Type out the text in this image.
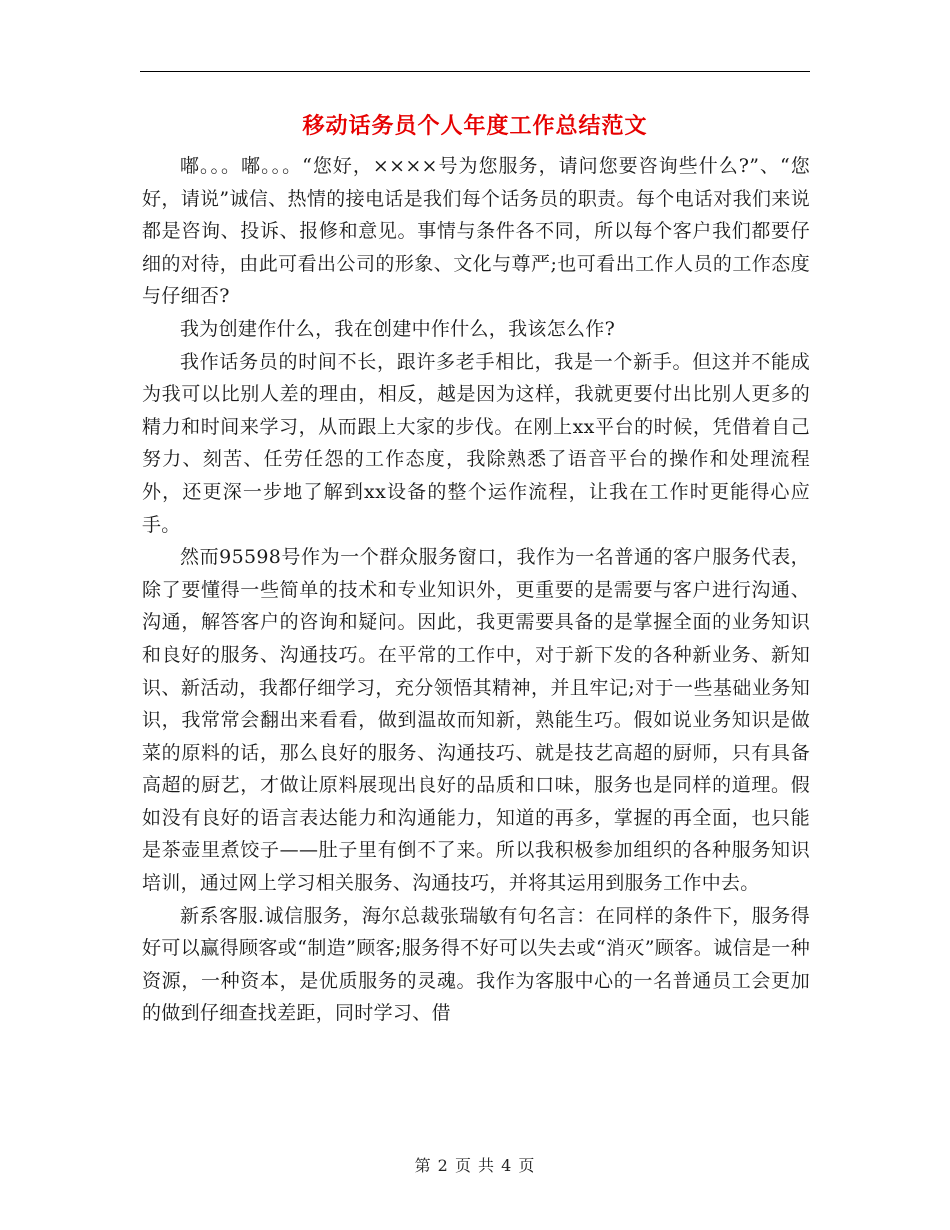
移动话务员个人年度工作总结范文

嘟。。。嘟。。。“您好，××××号为您服务，请问您要咨询些什么?”、“您好，请说”诚信、热情的接电话是我们每个话务员的职责。每个电话对我们来说都是咨询、投诉、报修和意见。事情与条件各不同，所以每个客户我们都要仔细的对待，由此可看出公司的形象、文化与尊严;也可看出工作人员的工作态度与仔细否?

我为创建作什么，我在创建中作什么，我该怎么作?

我作话务员的时间不长，跟许多老手相比，我是一个新手。但这并不能成为我可以比别人差的理由，相反，越是因为这样，我就更要付出比别人更多的精力和时间来学习，从而跟上大家的步伐。在刚上xx平台的时候，凭借着自己努力、刻苦、任劳任怨的工作态度，我除熟悉了语音平台的操作和处理流程外，还更深一步地了解到xx设备的整个运作流程，让我在工作时更能得心应手。

然而95598号作为一个群众服务窗口，我作为一名普通的客户服务代表，除了要懂得一些简单的技术和专业知识外，更重要的是需要与客户进行沟通、沟通，解答客户的咨询和疑问。因此，我更需要具备的是掌握全面的业务知识和良好的服务、沟通技巧。在平常的工作中，对于新下发的各种新业务、新知识、新活动，我都仔细学习，充分领悟其精神，并且牢记;对于一些基础业务知识，我常常会翻出来看看，做到温故而知新，熟能生巧。假如说业务知识是做菜的原料的话，那么良好的服务、沟通技巧、就是技艺高超的厨师，只有具备高超的厨艺，才做让原料展现出良好的品质和口味，服务也是同样的道理。假如没有良好的语言表达能力和沟通能力，知道的再多，掌握的再全面，也只能是茶壶里煮饺子——肚子里有倒不了来。所以我积极参加组织的各种服务知识培训，通过网上学习相关服务、沟通技巧，并将其运用到服务工作中去。

新系客服.诚信服务，海尔总裁张瑞敏有句名言：在同样的条件下，服务得好可以赢得顾客或“制造”顾客;服务得不好可以失去或“消灭”顾客。诚信是一种资源，一种资本，是优质服务的灵魂。我作为客服中心的一名普通员工会更加的做到仔细查找差距，同时学习、借

第 2 页 共 4 页
